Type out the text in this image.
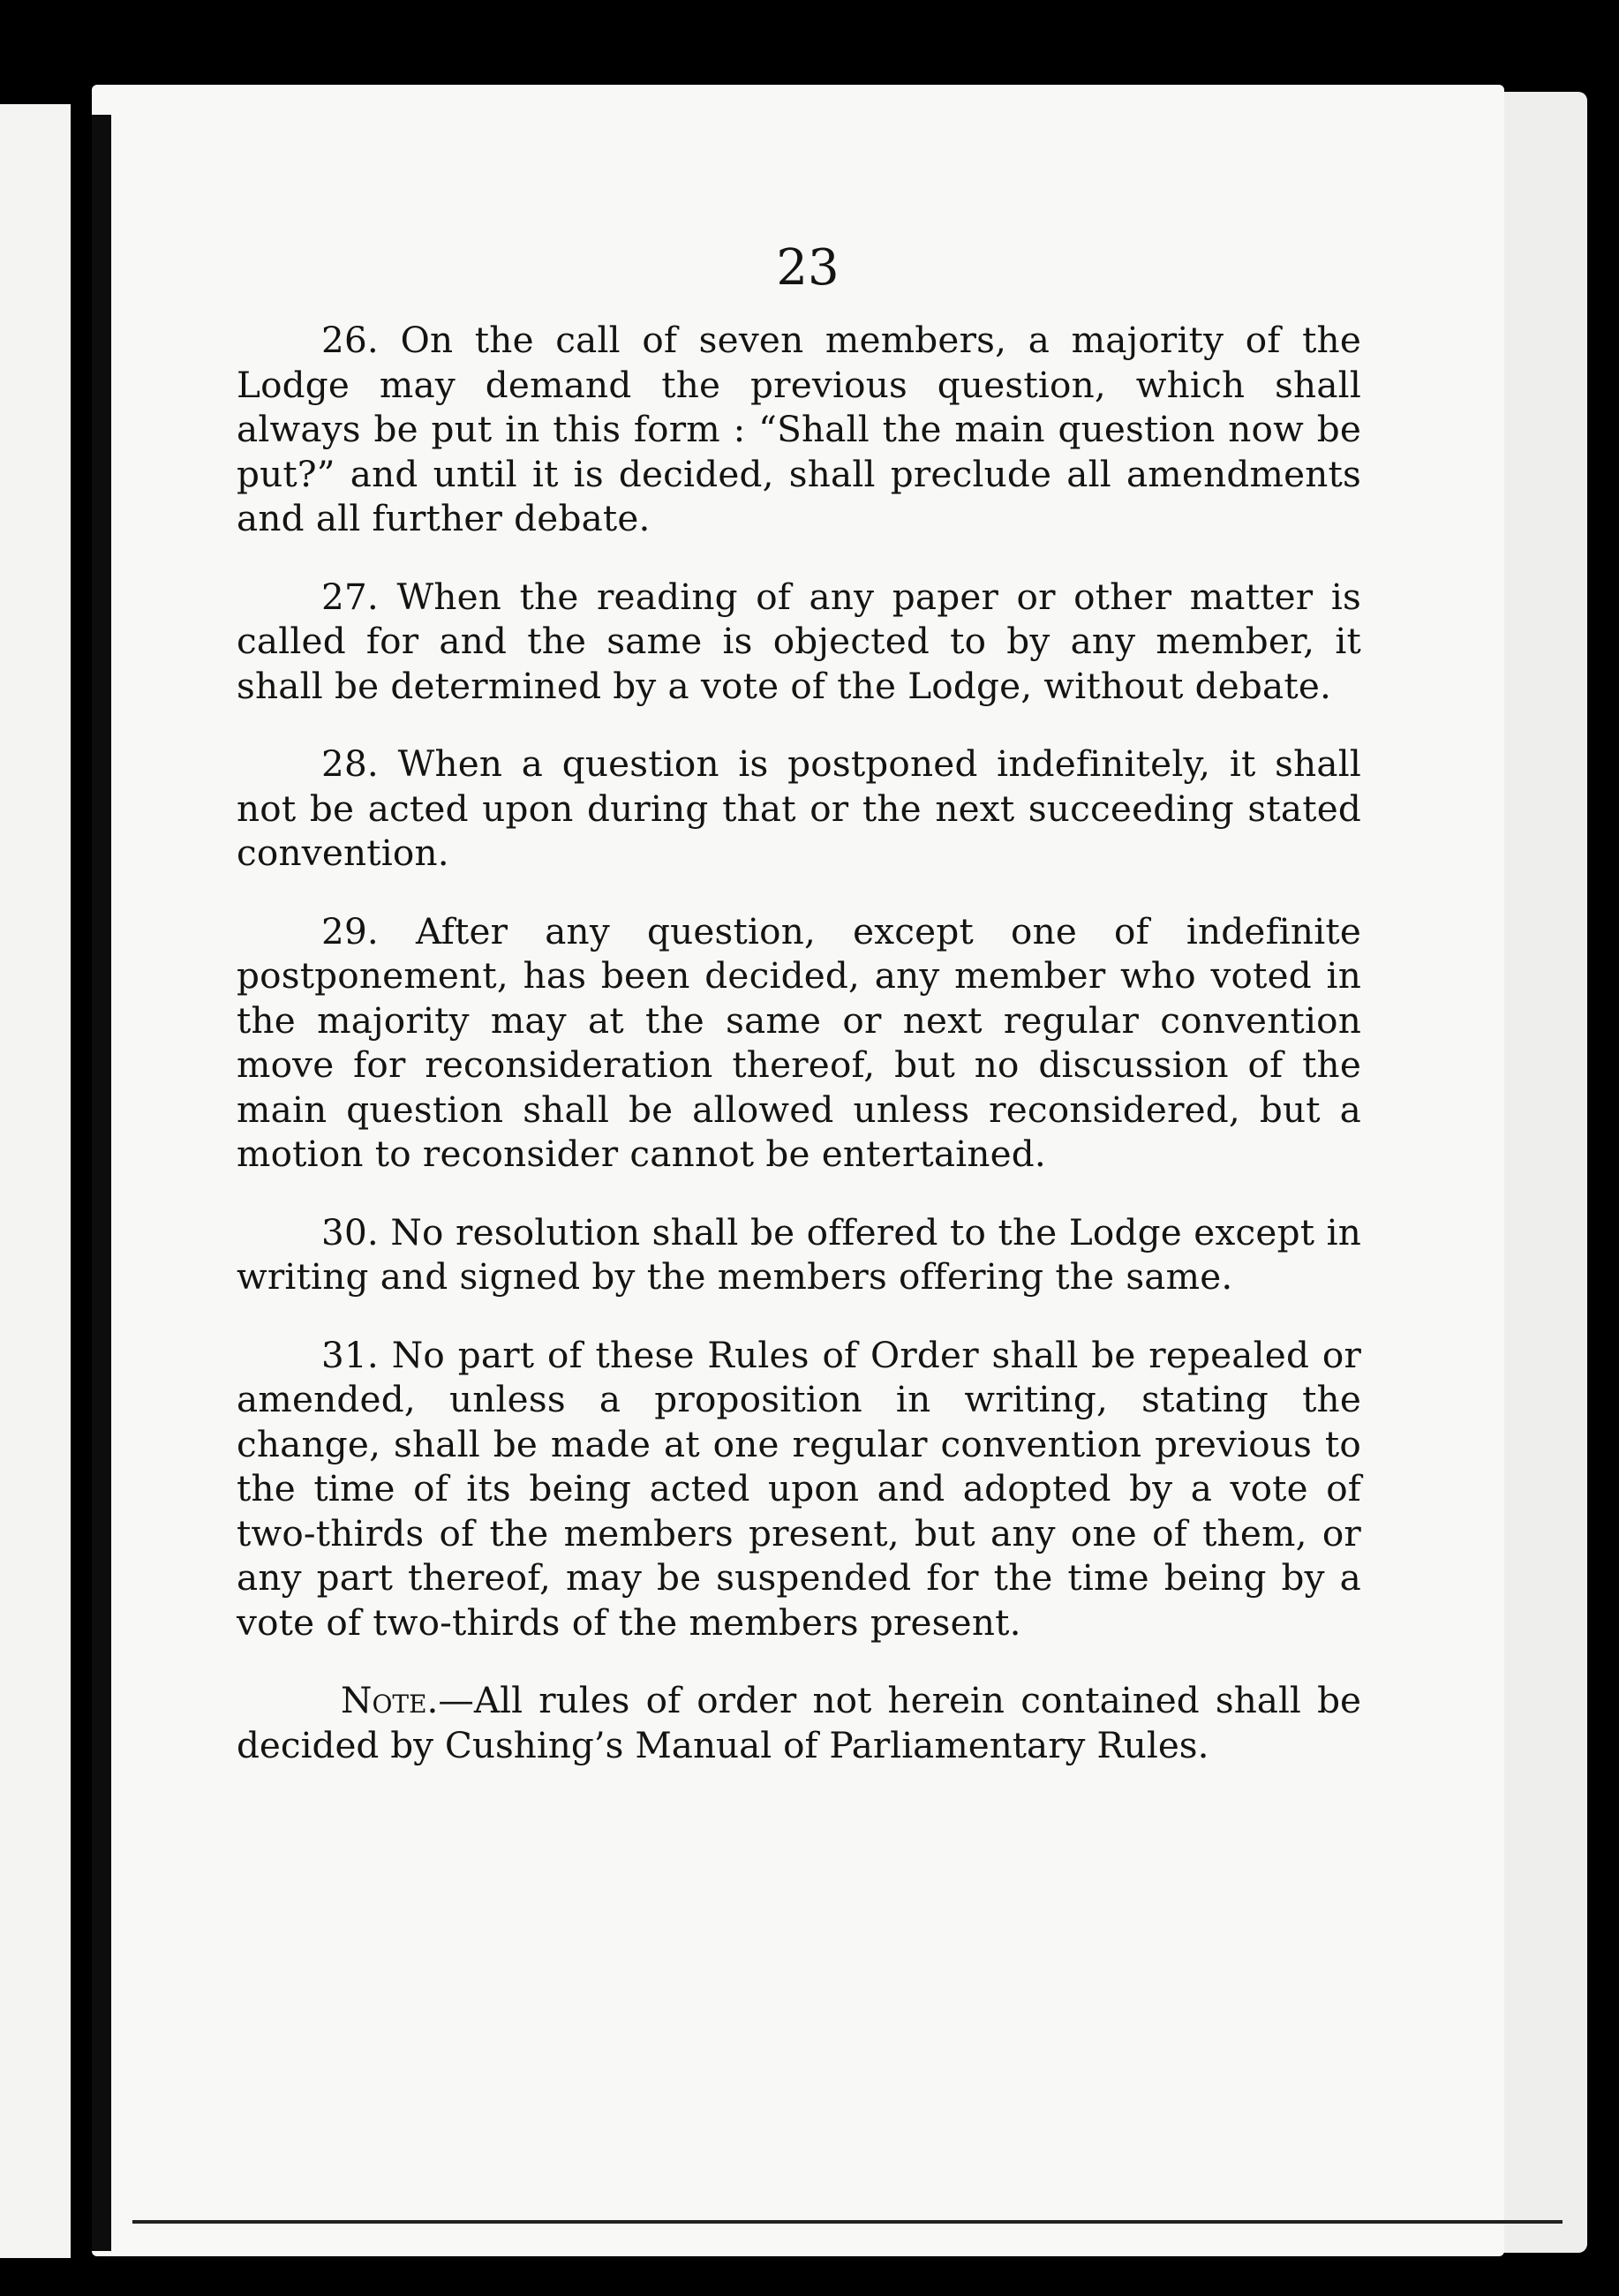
23

26. On the call of seven members, a majority of the Lodge may demand the previous question, which shall always be put in this form : “Shall the main question now be put?” and until it is decided, shall preclude all amendments and all further debate.

27. When the reading of any paper or other matter is called for and the same is objected to by any member, it shall be determined by a vote of the Lodge, without debate.

28. When a question is postponed indefinitely, it shall not be acted upon during that or the next succeeding stated convention.

29. After any question, except one of indefinite postponement, has been decided, any member who voted in the majority may at the same or next regular convention move for reconsideration thereof, but no discussion of the main question shall be allowed unless reconsidered, but a motion to reconsider cannot be entertained.

30. No resolution shall be offered to the Lodge except in writing and signed by the members offering the same.

31. No part of these Rules of Order shall be repealed or amended, unless a proposition in writing, stating the change, shall be made at one regular convention previous to the time of its being acted upon and adopted by a vote of two-thirds of the members present, but any one of them, or any part thereof, may be suspended for the time being by a vote of two-thirds of the members present.

Note.—All rules of order not herein contained shall be decided by Cushing’s Manual of Parliamentary Rules.
